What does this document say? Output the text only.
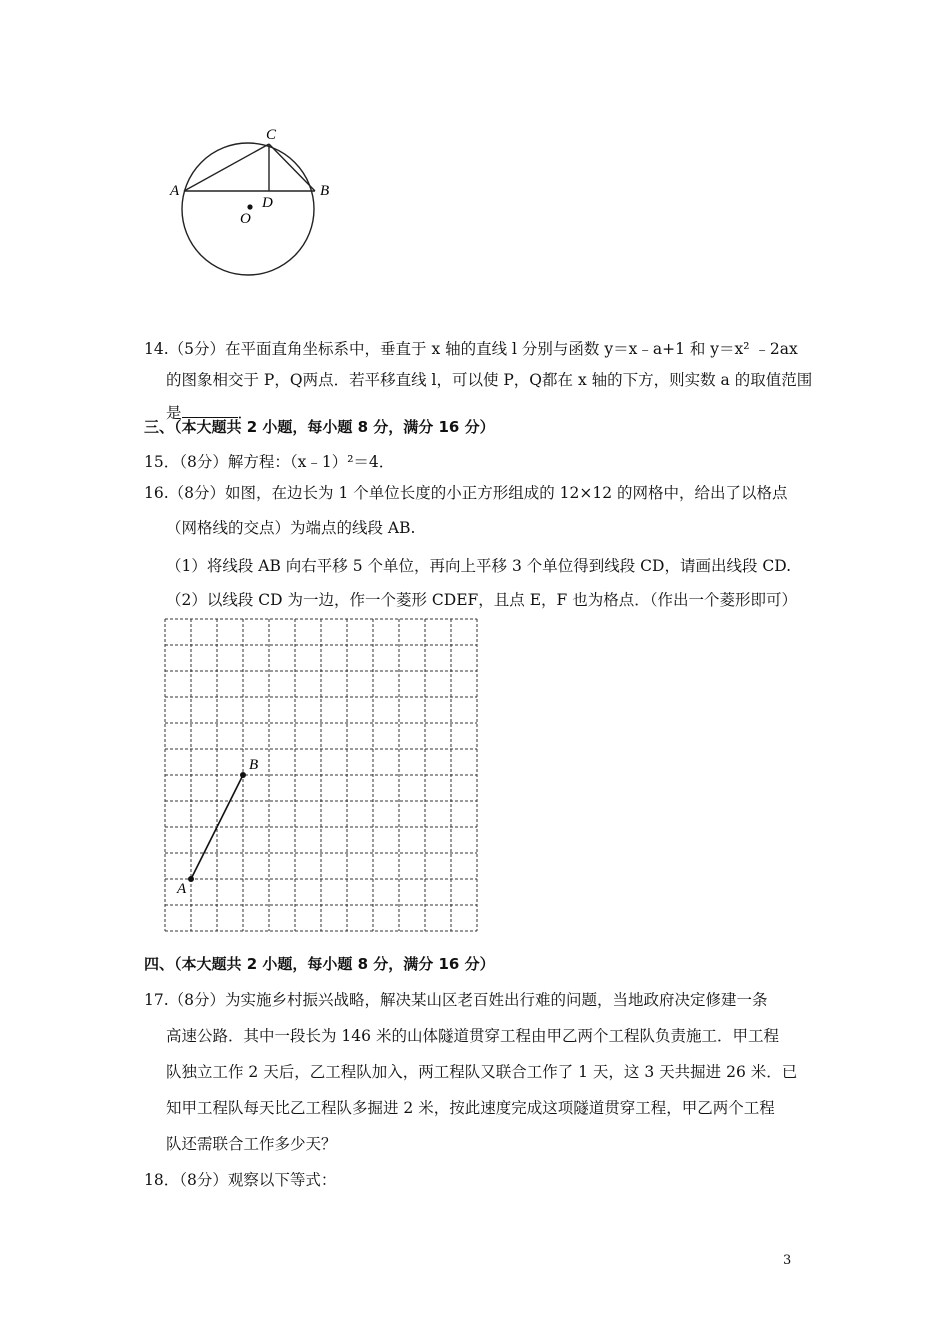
C
A	B
D
O
14.（5分）在平面直角坐标系中，垂直于 x 轴的直线 l 分别与函数 y＝x﹣a+1 和 y＝x² ﹣2ax
的图象相交于 P，Q两点．若平移直线 l，可以使 P，Q都在 x 轴的下方，则实数 a 的取值范围
是	．
三、（本大题共 2 小题，每小题 8 分，满分 16 分）
15．（8分）解方程：（x﹣1）²＝4．
16.（8分）如图，在边长为 1 个单位长度的小正方形组成的 12×12 的网格中，给出了以格点
（网格线的交点）为端点的线段 AB.
（1）将线段 AB 向右平移 5 个单位，再向上平移 3 个单位得到线段 CD，请画出线段 CD.
（2）以线段 CD 为一边，作一个菱形 CDEF，且点 E，F 也为格点．（作出一个菱形即可）
A
B
四、（本大题共 2 小题，每小题 8 分，满分 16 分）
17.（8分）为实施乡村振兴战略，解决某山区老百姓出行难的问题，当地政府决定修建一条
高速公路．其中一段长为 146 米的山体隧道贯穿工程由甲乙两个工程队负责施工．甲工程
队独立工作 2 天后，乙工程队加入，两工程队又联合工作了 1 天，这 3 天共掘进 26 米．已
知甲工程队每天比乙工程队多掘进 2 米，按此速度完成这项隧道贯穿工程，甲乙两个工程
队还需联合工作多少天？
18．（8分）观察以下等式：
3
